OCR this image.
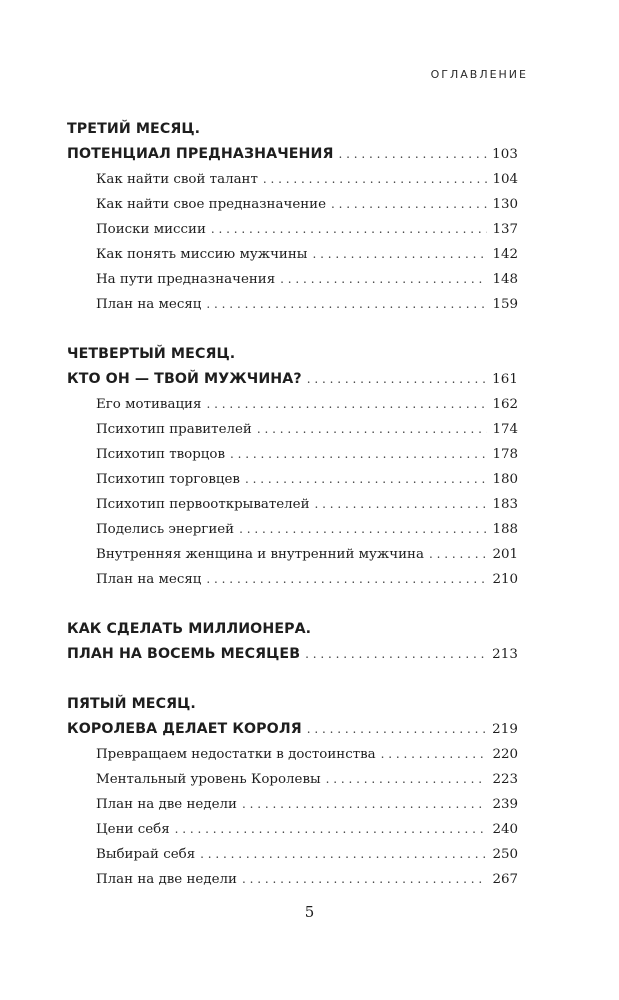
ОГЛАВЛЕНИЕ
ТРЕТИЙ МЕСЯЦ.
ПОТЕНЦИАЛ ПРЕДНАЗНАЧЕНИЯ . . .	103
Как найти свой талант . . .	104
Как найти свое предназначение . . .	130
Поиски миссии . . .	137
Как понять миссию мужчины . . .	142
На пути предназначения . . .	148
План на месяц . . .	159
ЧЕТВЕРТЫЙ МЕСЯЦ.
КТО ОН — ТВОЙ МУЖЧИНА? . . .	161
Его мотивация . . .	162
Психотип правителей . . .	174
Психотип творцов . . .	178
Психотип торговцев . . .	180
Психотип первооткрывателей . . .	183
Поделись энергией . . .	188
Внутренняя женщина и внутренний мужчина . . .	201
План на месяц . . .	210
КАК СДЕЛАТЬ МИЛЛИОНЕРА.
ПЛАН НА ВОСЕМЬ МЕСЯЦЕВ . . .	213
ПЯТЫЙ МЕСЯЦ.
КОРОЛЕВА ДЕЛАЕТ КОРОЛЯ . . .	219
Превращаем недостатки в достоинства . . .	220
Ментальный уровень Королевы . . .	223
План на две недели . . .	239
Цени себя . . .	240
Выбирай себя . . .	250
План на две недели . . .	267
5
